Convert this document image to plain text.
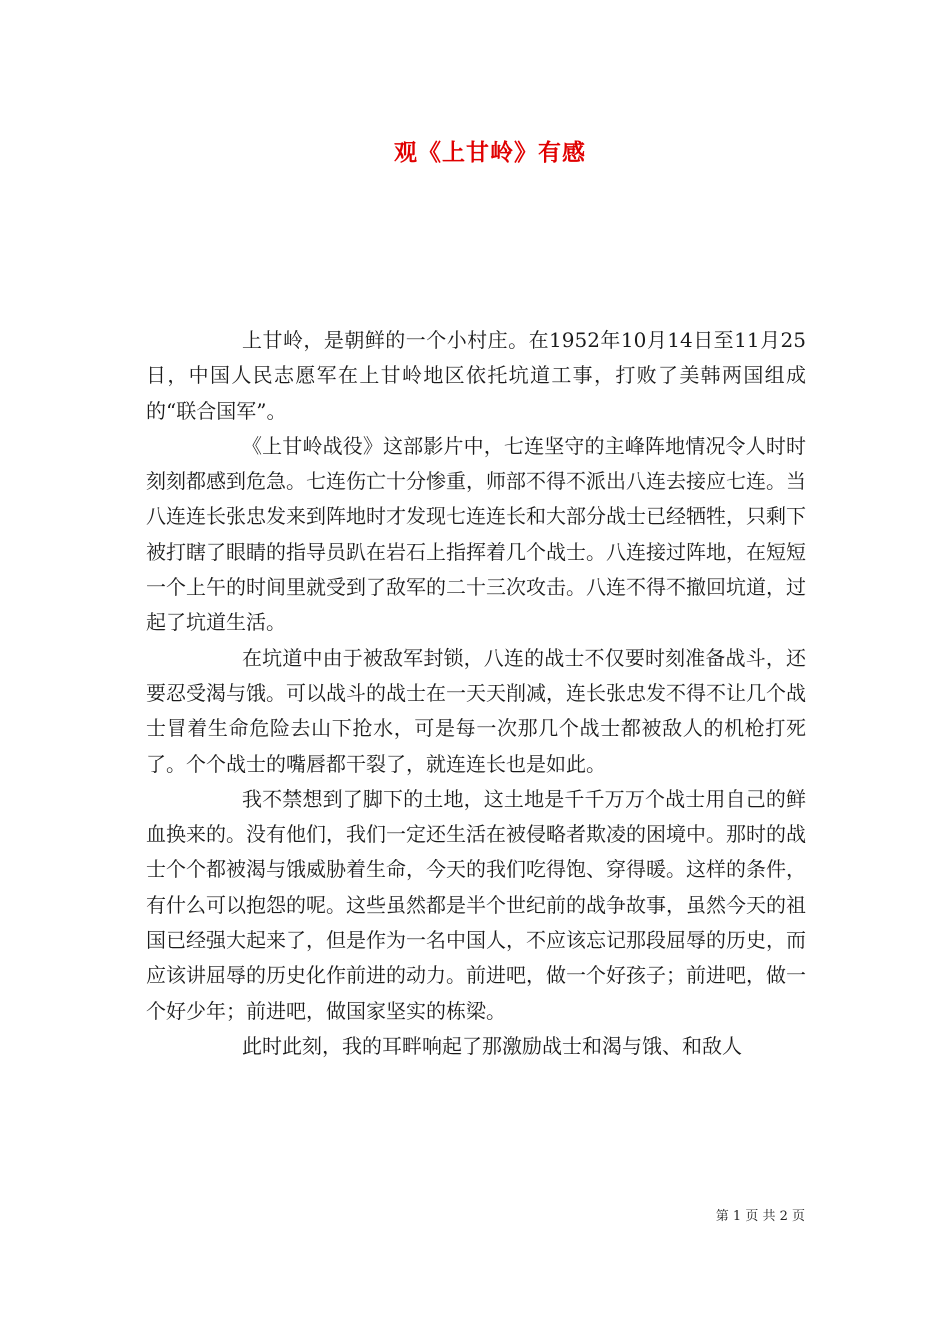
观《上甘岭》有感

上甘岭，是朝鲜的一个小村庄。在1952年10月14日至11月25日，中国人民志愿军在上甘岭地区依托坑道工事，打败了美韩两国组成的“联合国军”。

《上甘岭战役》这部影片中，七连坚守的主峰阵地情况令人时时刻刻都感到危急。七连伤亡十分惨重，师部不得不派出八连去接应七连。当八连连长张忠发来到阵地时才发现七连连长和大部分战士已经牺牲，只剩下被打瞎了眼睛的指导员趴在岩石上指挥着几个战士。八连接过阵地，在短短一个上午的时间里就受到了敌军的二十三次攻击。八连不得不撤回坑道，过起了坑道生活。

在坑道中由于被敌军封锁，八连的战士不仅要时刻准备战斗，还要忍受渴与饿。可以战斗的战士在一天天削减，连长张忠发不得不让几个战士冒着生命危险去山下抢水，可是每一次那几个战士都被敌人的机枪打死了。个个战士的嘴唇都干裂了，就连连长也是如此。

我不禁想到了脚下的土地，这土地是千千万万个战士用自己的鲜血换来的。没有他们，我们一定还生活在被侵略者欺凌的困境中。那时的战士个个都被渴与饿威胁着生命，今天的我们吃得饱、穿得暖。这样的条件，有什么可以抱怨的呢。这些虽然都是半个世纪前的战争故事，虽然今天的祖国已经强大起来了，但是作为一名中国人，不应该忘记那段屈辱的历史，而应该讲屈辱的历史化作前进的动力。前进吧，做一个好孩子；前进吧，做一个好少年；前进吧，做国家坚实的栋梁。

此时此刻，我的耳畔响起了那激励战士和渴与饿、和敌人

第 1 页 共 2 页
